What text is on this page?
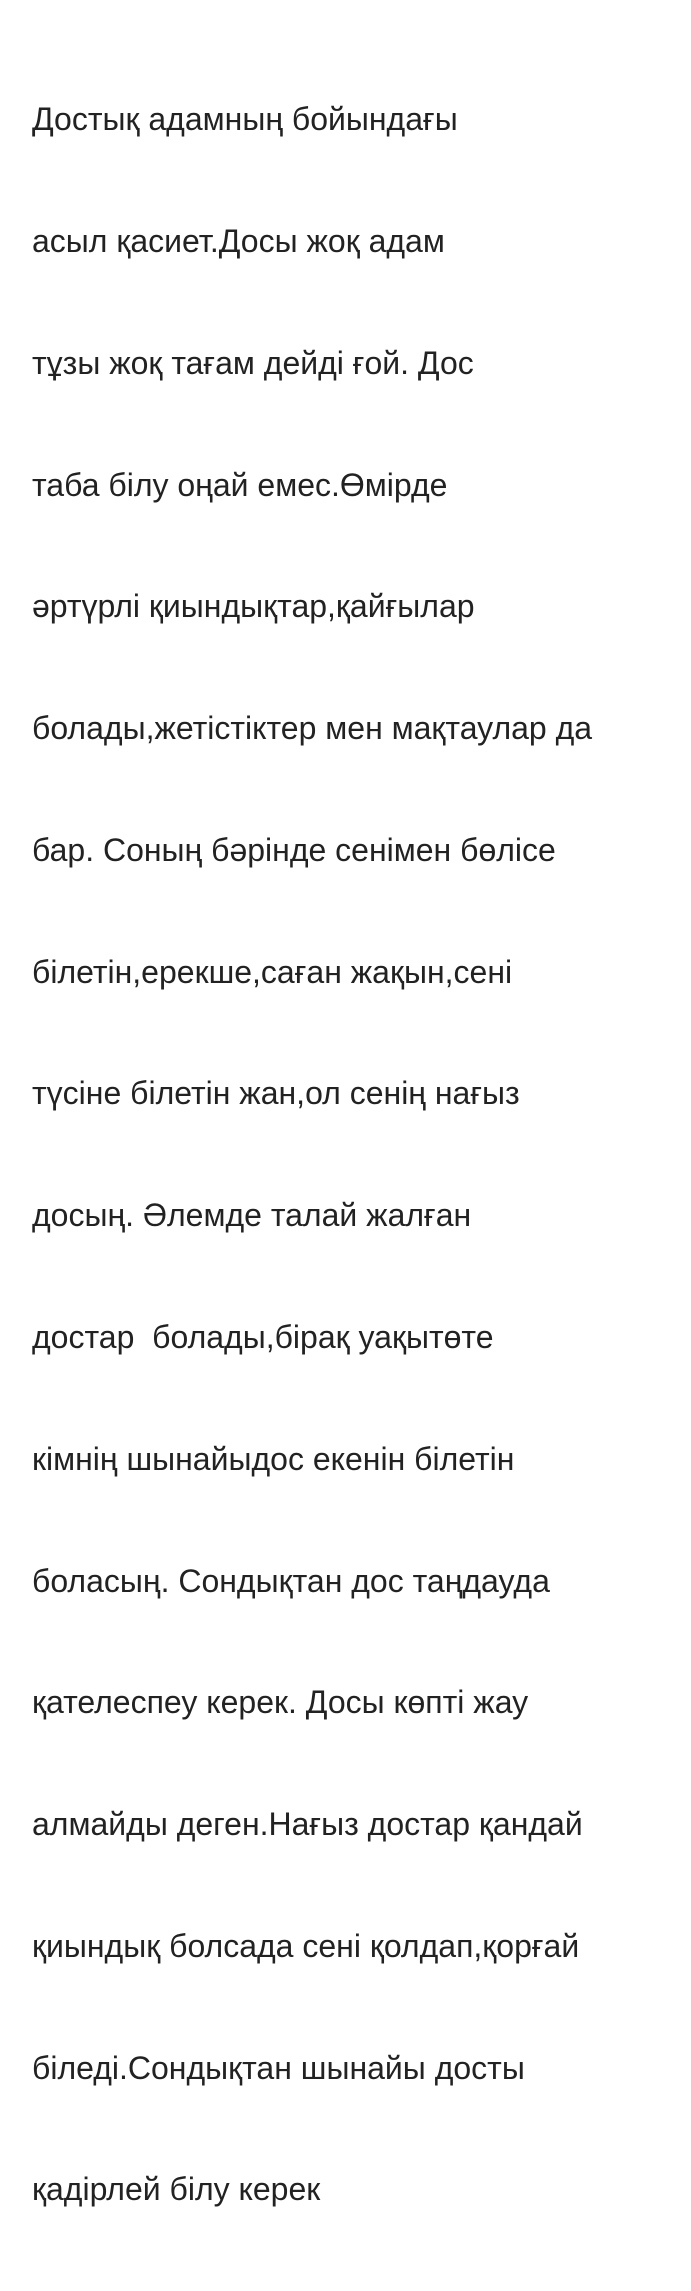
Достық адамның бойындағы

асыл қасиет.Досы жоқ адам

тұзы жоқ тағам дейді ғой. Дос

таба білу оңай емес.Өмірде

әртүрлі қиындықтар,қайғылар

болады,жетістіктер мен мақтаулар да

бар. Соның бәрінде сенімен бөлісе

білетін,ерекше,саған жақын,сені

түсіне білетін жан,ол сенің нағыз

досың. Әлемде талай жалған

достар  болады,бірақ уақытөте

кімнің шынайыдос екенін білетін

боласың. Сондықтан дос таңдауда

қателеспеу керек. Досы көпті жау

алмайды деген.Нағыз достар қандай

қиындық болсада сені қолдап,қорғай

біледі.Сондықтан шынайы досты

қадірлей білу керек
